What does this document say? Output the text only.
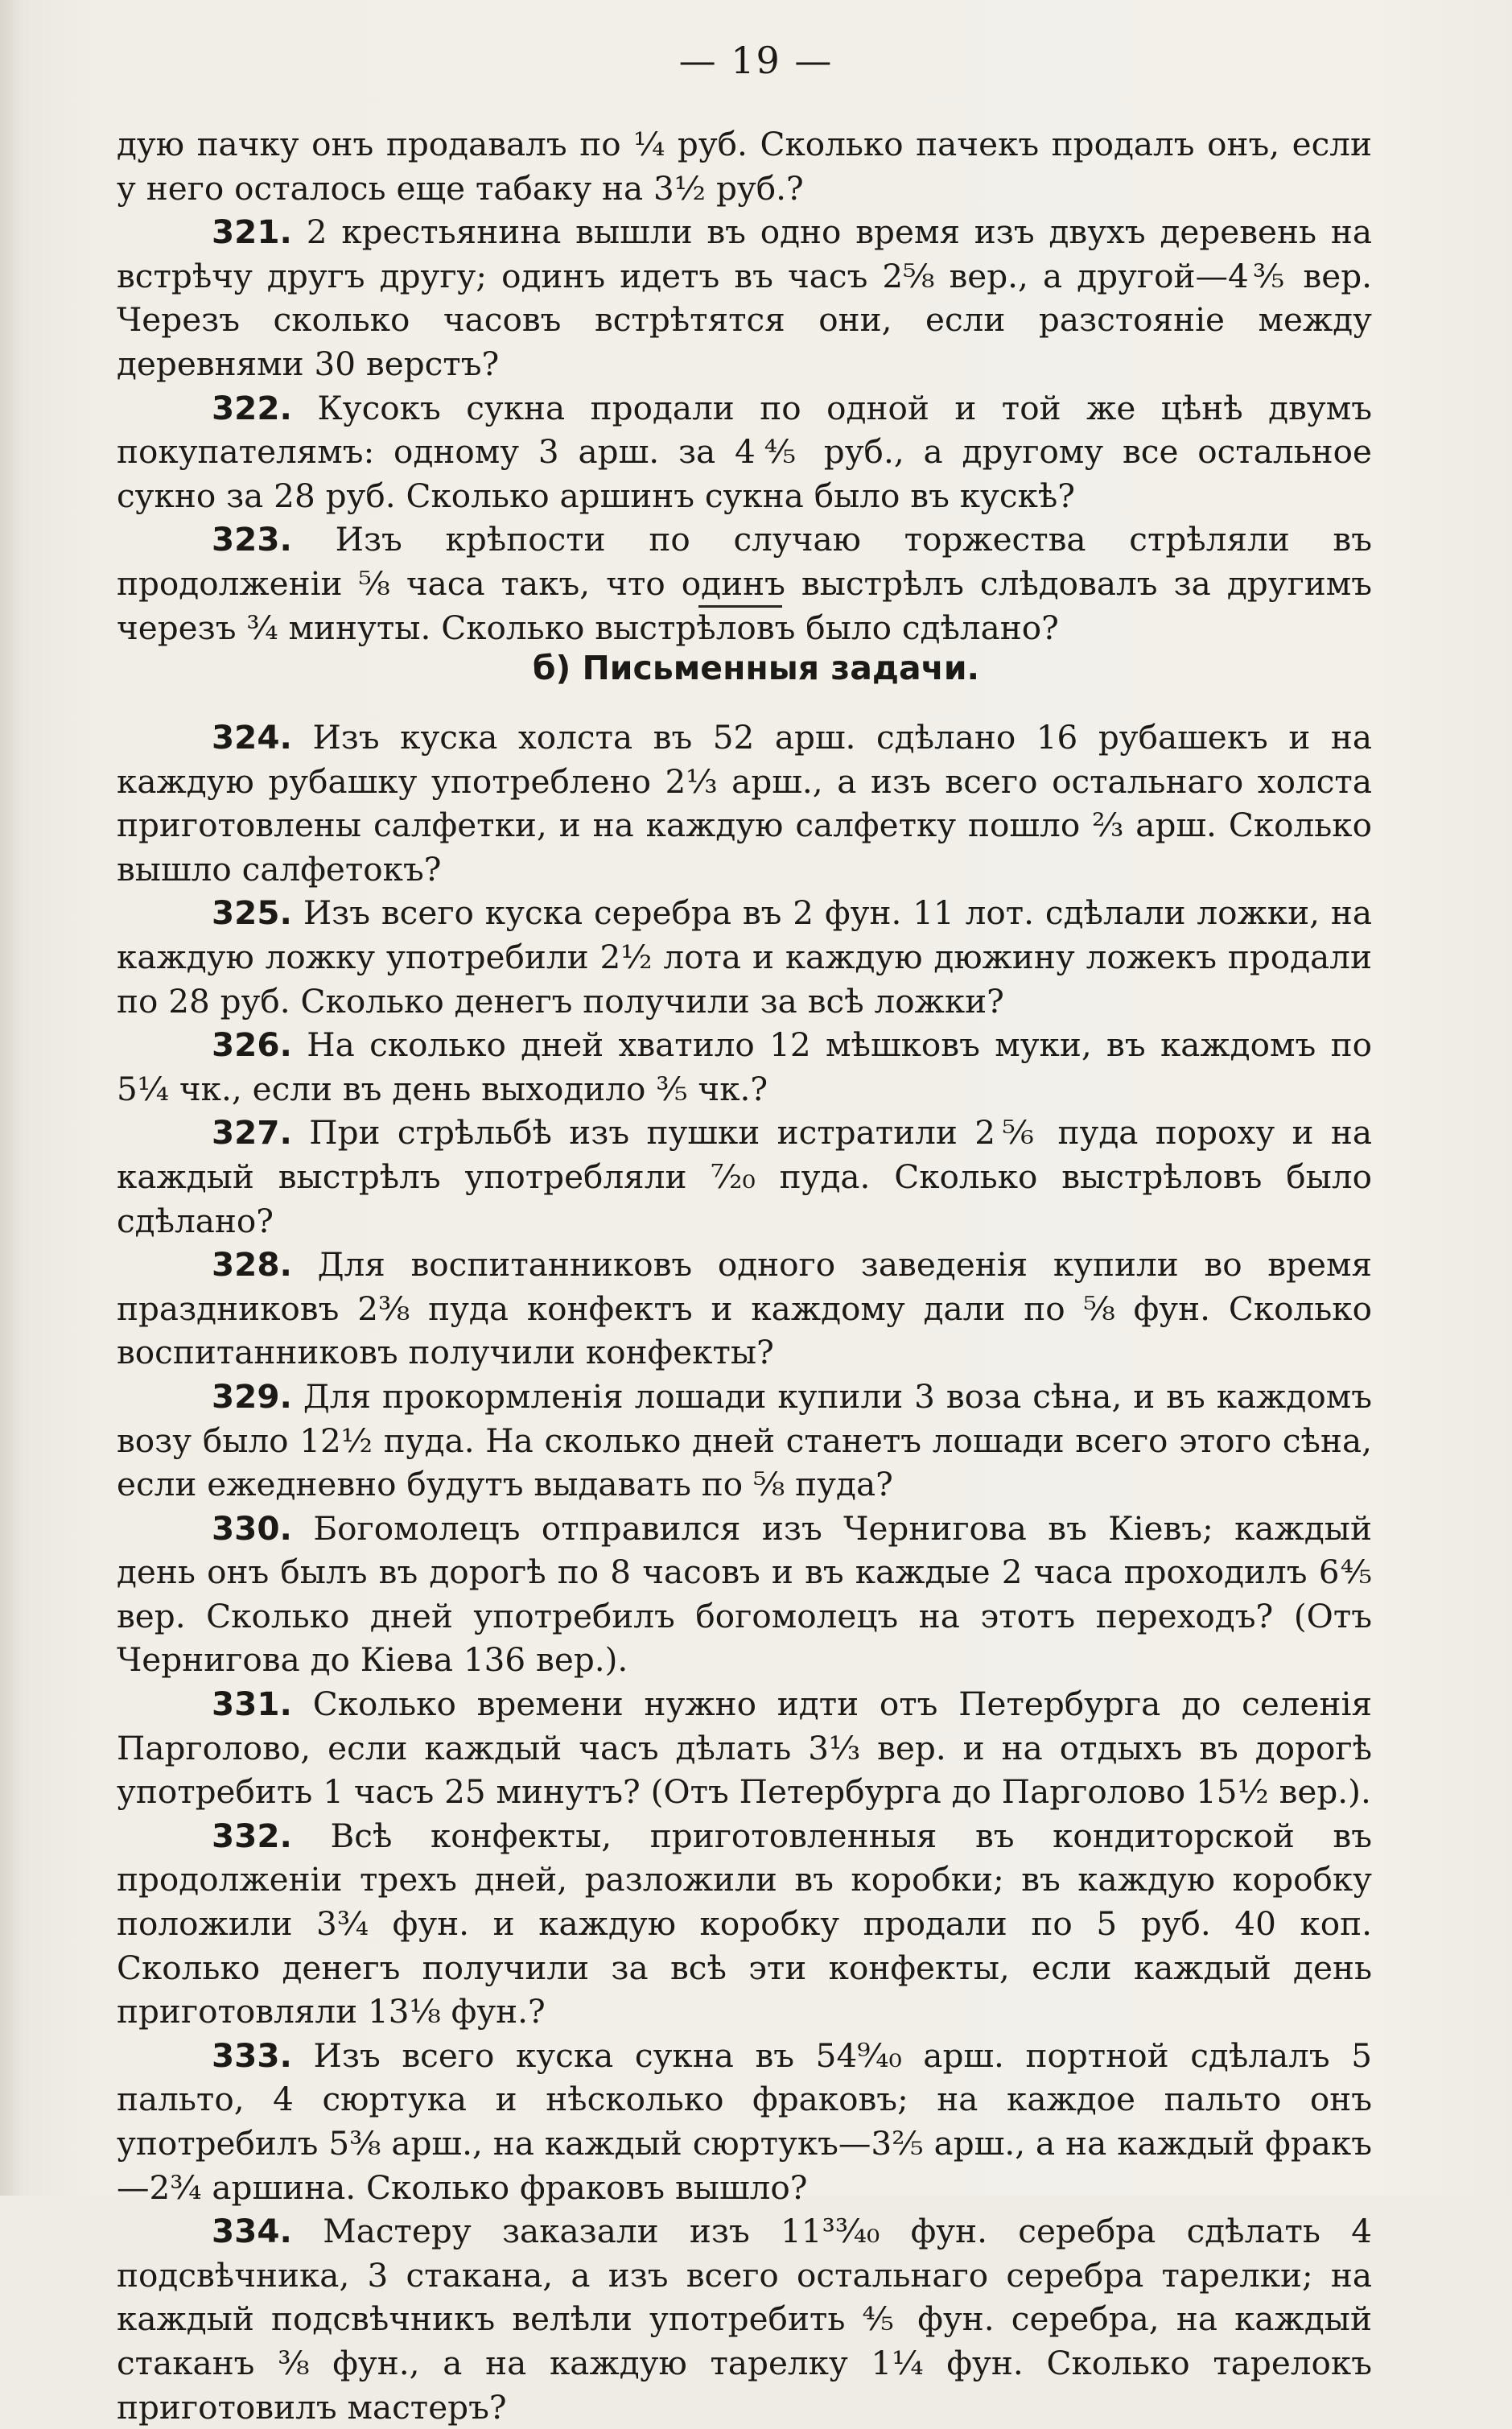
— 19 —

дую пачку онъ продавалъ по ¼ руб. Сколько пачекъ продалъ онъ, если у него осталось еще табаку на 3½ руб.?

321. 2 крестьянина вышли въ одно время изъ двухъ деревень на встрѣчу другъ другу; одинъ идетъ въ часъ 2⅝ вер., а другой—4⅗ вер. Черезъ сколько часовъ встрѣтятся они, если разстояніе между деревнями 30 верстъ?

322. Кусокъ сукна продали по одной и той же цѣнѣ двумъ покупателямъ: одному 3 арш. за 4⅘ руб., а другому все остальное сукно за 28 руб. Сколько аршинъ сукна было въ кускѣ?

323. Изъ крѣпости по случаю торжества стрѣляли въ продолженіи ⅝ часа такъ, что одинъ выстрѣлъ слѣдовалъ за другимъ черезъ ¾ минуты. Сколько выстрѣловъ было сдѣлано?

б) Письменныя задачи.

324. Изъ куска холста въ 52 арш. сдѣлано 16 рубашекъ и на каждую рубашку употреблено 2⅓ арш., а изъ всего остальнаго холста приготовлены салфетки, и на каждую салфетку пошло ⅔ арш. Сколько вышло салфетокъ?

325. Изъ всего куска серебра въ 2 фун. 11 лот. сдѣлали ложки, на каждую ложку употребили 2½ лота и каждую дюжину ложекъ продали по 28 руб. Сколько денегъ получили за всѣ ложки?

326. На сколько дней хватило 12 мѣшковъ муки, въ каждомъ по 5¼ чк., если въ день выходило ⅗ чк.?

327. При стрѣльбѣ изъ пушки истратили 2⅚ пуда пороху и на каждый выстрѣлъ употребляли ⁷⁄₂₀ пуда. Сколько выстрѣловъ было сдѣлано?

328. Для воспитанниковъ одного заведенія купили во время праздниковъ 2⅜ пуда конфектъ и каждому дали по ⅝ фун. Сколько воспитанниковъ получили конфекты?

329. Для прокормленія лошади купили 3 воза сѣна, и въ каждомъ возу было 12½ пуда. На сколько дней станетъ лошади всего этого сѣна, если ежедневно будутъ выдавать по ⅝ пуда?

330. Богомолецъ отправился изъ Чернигова въ Кіевъ; каждый день онъ былъ въ дорогѣ по 8 часовъ и въ каждые 2 часа проходилъ 6⅘ вер. Сколько дней употребилъ богомолецъ на этотъ переходъ? (Отъ Чернигова до Кіева 136 вер.).

331. Сколько времени нужно идти отъ Петербурга до селенія Парголово, если каждый часъ дѣлать 3⅓ вер. и на отдыхъ въ дорогѣ употребить 1 часъ 25 минутъ? (Отъ Петербурга до Парголово 15½ вер.).

332. Всѣ конфекты, приготовленныя въ кондиторской въ продолженіи трехъ дней, разложили въ коробки; въ каждую коробку положили 3¾ фун. и каждую коробку продали по 5 руб. 40 коп. Сколько денегъ получили за всѣ эти конфекты, если каждый день приготовляли 13⅛ фун.?

333. Изъ всего куска сукна въ 54⁹⁄₄₀ арш. портной сдѣлалъ 5 пальто, 4 сюртука и нѣсколько фраковъ; на каждое пальто онъ употребилъ 5⅜ арш., на каждый сюртукъ—3⅖ арш., а на каждый фракъ—2¾ аршина. Сколько фраковъ вышло?

334. Мастеру заказали изъ 11³³⁄₄₀ фун. серебра сдѣлать 4 подсвѣчника, 3 стакана, а изъ всего остальнаго серебра тарелки; на каждый подсвѣчникъ велѣли употребить ⅘ фун. серебра, на каждый стаканъ ⅜ фун., а на каждую тарелку 1¼ фун. Сколько тарелокъ приготовилъ мастеръ?
